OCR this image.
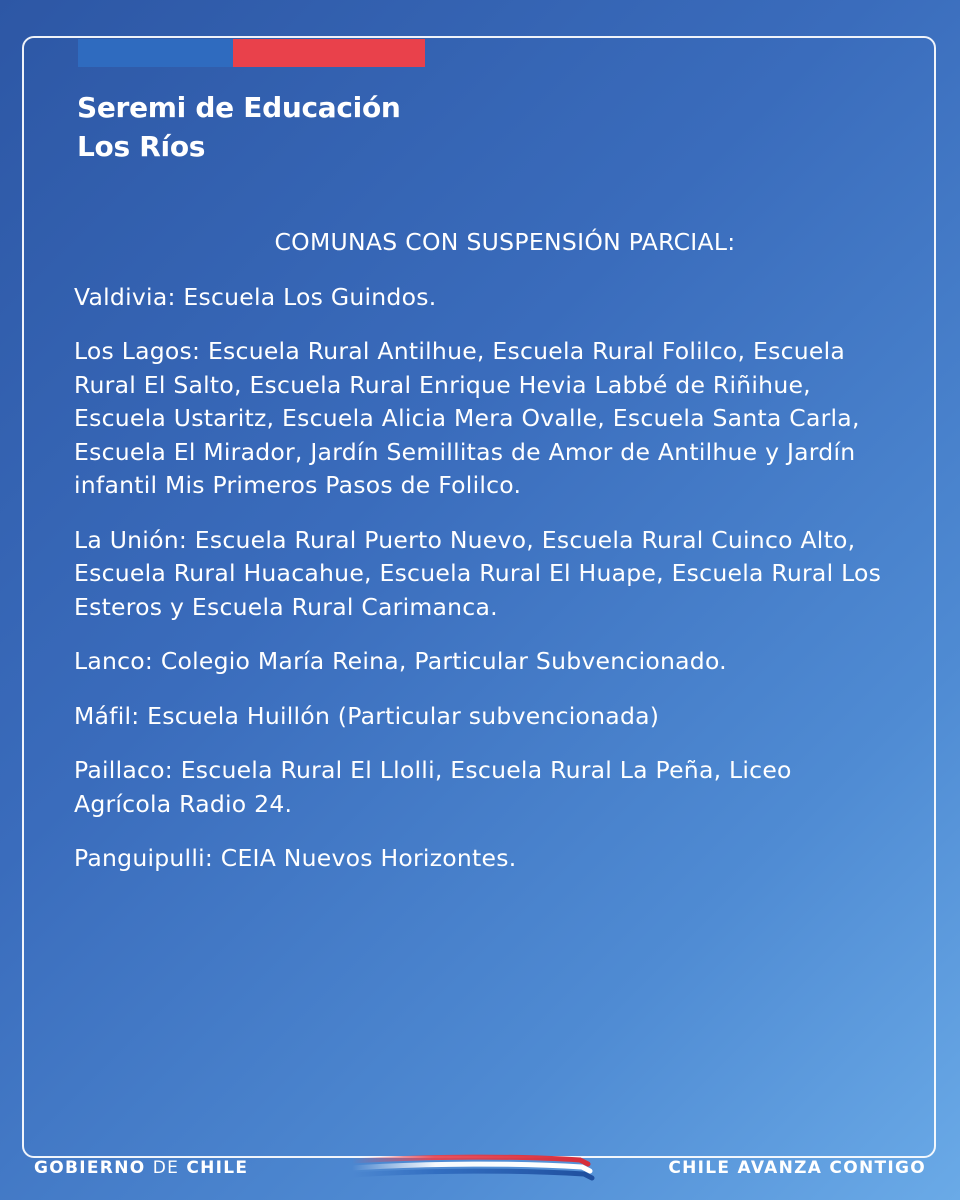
Seremi de Educación
Los Ríos
COMUNAS CON SUSPENSIÓN PARCIAL:

Valdivia: Escuela Los Guindos.

Los Lagos: Escuela Rural Antilhue, Escuela Rural Folilco, Escuela Rural El Salto, Escuela Rural Enrique Hevia Labbé de Riñihue, Escuela Ustaritz, Escuela Alicia Mera Ovalle, Escuela Santa Carla, Escuela El Mirador, Jardín Semillitas de Amor de Antilhue y Jardín infantil Mis Primeros Pasos de Folilco.

La Unión: Escuela Rural Puerto Nuevo, Escuela Rural Cuinco Alto, Escuela Rural Huacahue, Escuela Rural El Huape, Escuela Rural Los Esteros y Escuela Rural Carimanca.

Lanco: Colegio María Reina, Particular Subvencionado.

Máfil: Escuela Huillón (Particular subvencionada)

Paillaco: Escuela Rural El Llolli, Escuela Rural La Peña, Liceo Agrícola Radio 24.

Panguipulli: CEIA Nuevos Horizontes.

GOBIERNO DE CHILE	CHILE AVANZA CONTIGO
